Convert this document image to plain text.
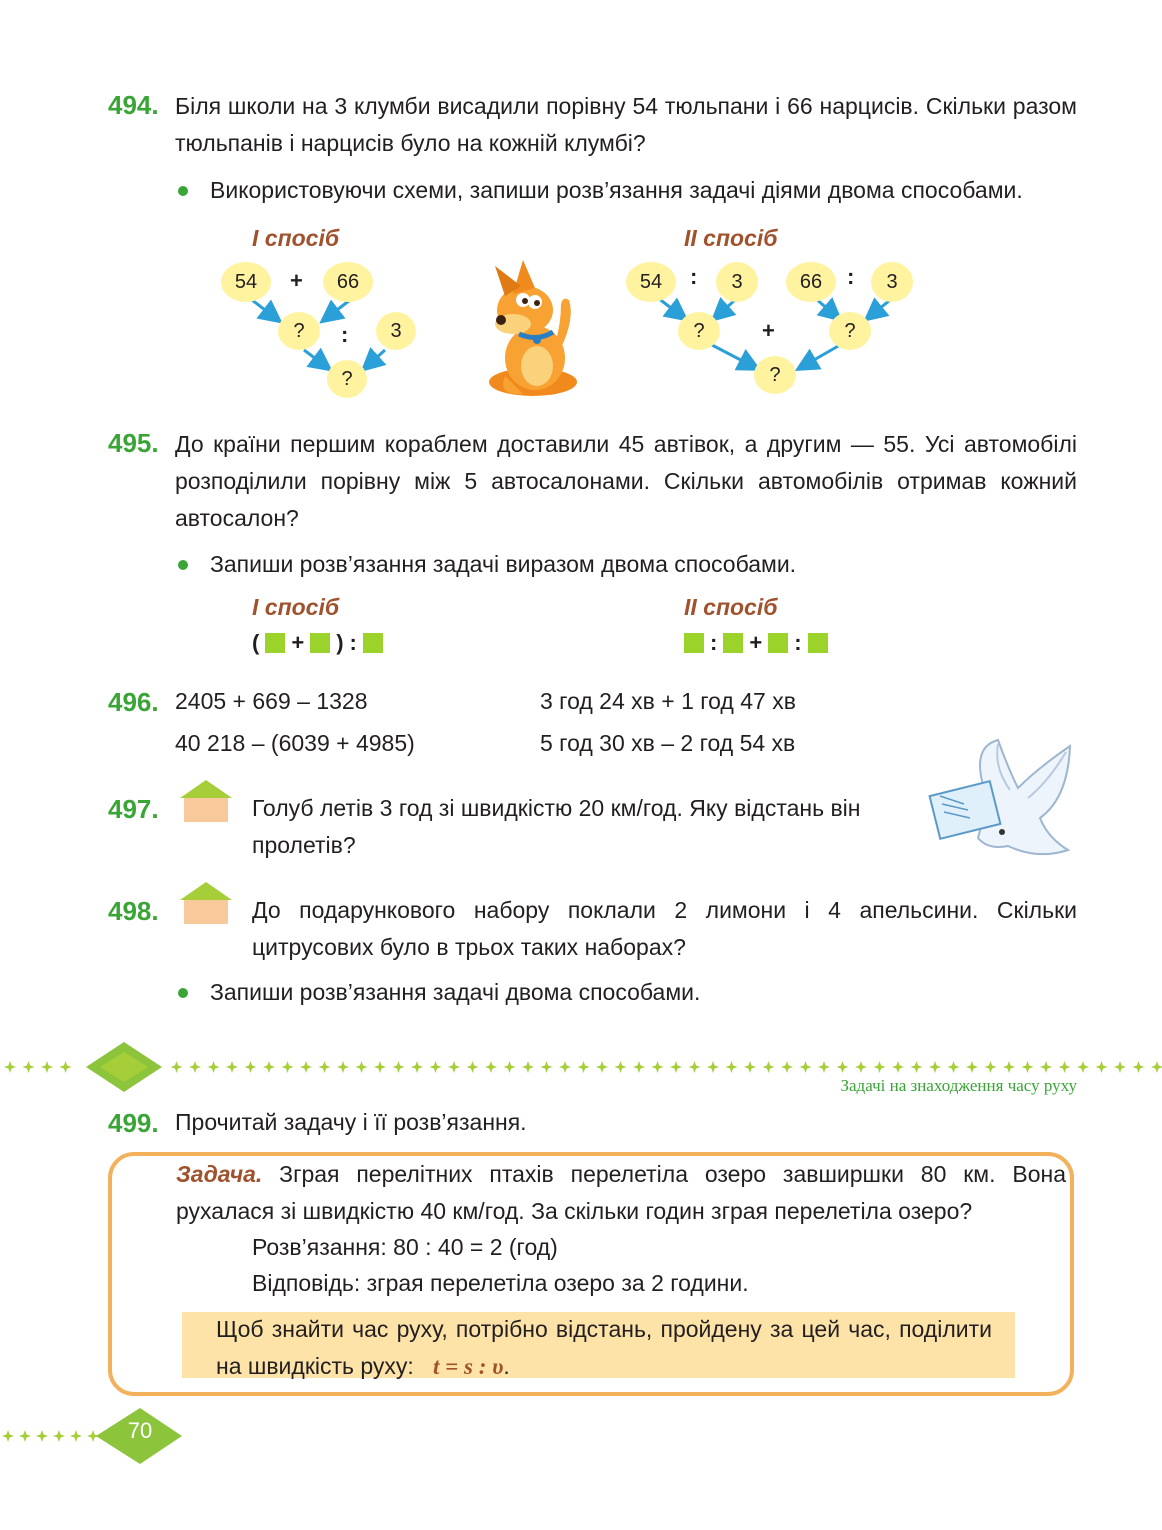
494. Біля школи на 3 клумби висадили порівну 54 тюльпани і 66 нарцисів. Скільки разом тюльпанів і нарцисів було на кожній клумбі?
Використовуючи схеми, запиши розв’язання задачі діями двома способами.
І спосіб	ІІ спосіб
54	+	66
?	:	3
?
54	:	3	66	:	3
?	+	?
?
495. До країни першим кораблем доставили 45 автівок, а другим — 55. Усі автомобілі розподілили порівну між 5 автосалонами. Скільки автомобілів отримав кожний автосалон?
Запиши розв’язання задачі виразом двома способами.
І спосіб	ІІ спосіб
( + ) :	: + :
496. 2405 + 669 – 1328
40 218 – (6039 + 4985)
3 год 24 хв + 1 год 47 хв
5 год 30 хв – 2 год 54 хв
497.	Голуб летів 3 год зі швидкістю 20 км/год. Яку відстань він пролетів?
498.	До подарункового набору поклали 2 лимони і 4 апельсини. Скільки цитрусових було в трьох таких наборах?
Запиши розв’язання задачі двома способами.
Задачі на знаходження часу руху
499. Прочитай задачу і її розв’язання.
Задача. Зграя перелітних птахів перелетіла озеро завширшки 80 км. Вона рухалася зі швидкістю 40 км/год. За скільки годин зграя перелетіла озеро?
Розв’язання: 80 : 40 = 2 (год)
Відповідь: зграя перелетіла озеро за 2 години.
Щоб знайти час руху, потрібно відстань, пройдену за цей час, поділити на швидкість руху: t = s : υ.
70
